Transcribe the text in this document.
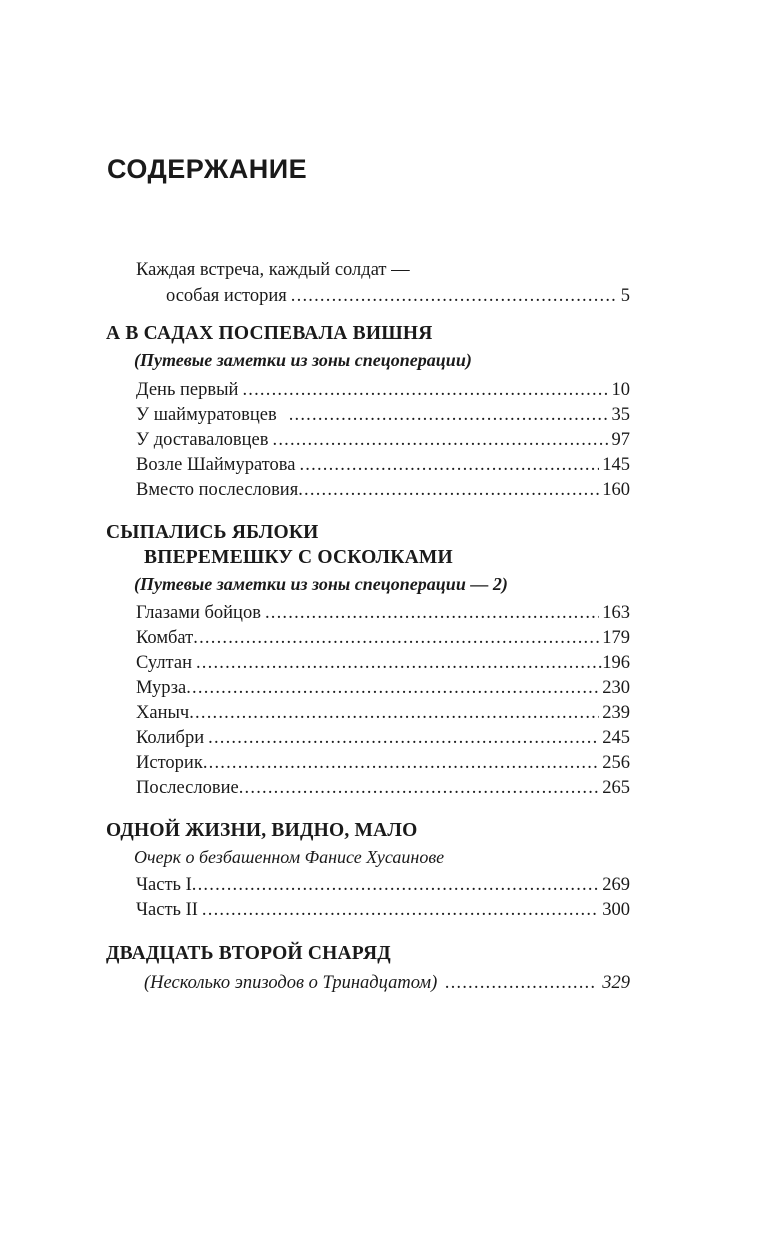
СОДЕРЖАНИЕ
Каждая встреча, каждый солдат —
особая история .....	5
А В САДАХ ПОСПЕВАЛА ВИШНЯ
(Путевые заметки из зоны спецоперации)
День первый .....	10
У шаймуратовцев .....	35
У доставаловцев .....	97
Возле Шаймуратова .....	145
Вместо послесловия .....	160
СЫПАЛИСЬ ЯБЛОКИ
ВПЕРЕМЕШКУ С ОСКОЛКАМИ
(Путевые заметки из зоны спецоперации — 2)
Глазами бойцов .....	163
Комбат .....	179
Султан .....	196
Мурза .....	230
Ханыч .....	239
Колибри .....	245
Историк .....	256
Послесловие .....	265
ОДНОЙ ЖИЗНИ, ВИДНО, МАЛО
Очерк о безбашенном Фанисе Хусаинове
Часть I .....	269
Часть II .....	300
ДВАДЦАТЬ ВТОРОЙ СНАРЯД
(Несколько эпизодов о Тринадцатом) .....	329
